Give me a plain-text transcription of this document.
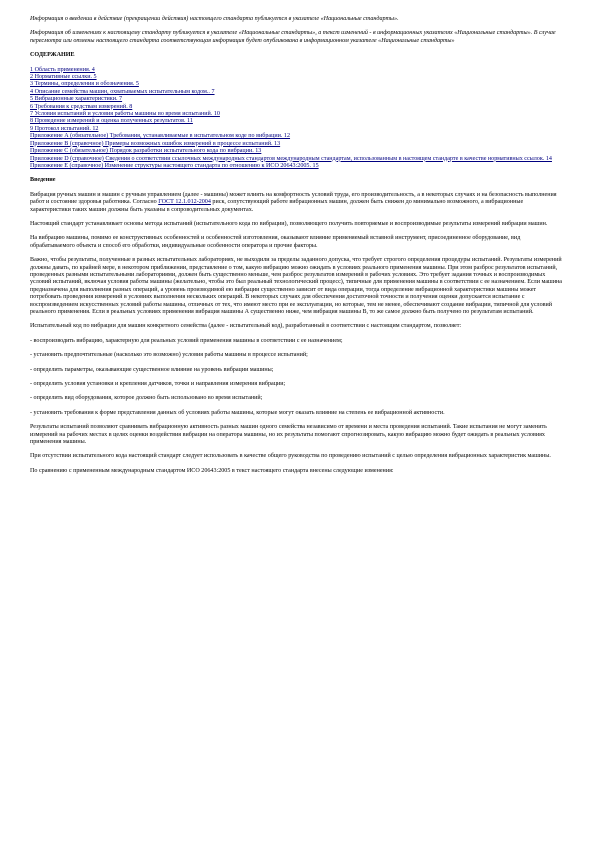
Информация о введении в действие (прекращении действия) настоящего стандарта публикуется в указателе «Национальные стандарты».

Информация об изменениях к настоящему стандарту публикуется в указателе «Национальные стандарты», а текст изменений - в информационных указателях «Национальные стандарты». В случае пересмотра или отмены настоящего стандарта соответствующая информация будет опубликована в информационном указателе «Национальные стандарты»

СОДЕРЖАНИЕ
1 Область применения. 4
2 Нормативные ссылки. 5
3 Термины, определения и обозначения. 5
4 Описание семейства машин, охватываемых испытательным кодом.. 7
5 Вибрационные характеристики. 7
6 Требования к средствам измерений. 8
7 Условия испытаний и условия работы машины во время испытаний. 10
8 Проведение измерений и оценка полученных результатов. 11
9 Протокол испытаний. 12
Приложение А (обязательное) Требования, устанавливаемые в испытательном коде по вибрации. 12
Приложение В (справочное) Примеры возможных ошибок измерений в процессе испытаний. 13
Приложение С (обязательное) Порядок разработки испытательного кода по вибрации. 13
Приложение D (справочное) Сведения о соответствии ссылочных международных стандартов международным стандартам, использованным в настоящем стандарте в качестве нормативных ссылок. 14
Приложение Е (справочное) Изменение структуры настоящего стандарта по отношению к ИСО 20643:2005. 15
Введение

Вибрация ручных машин и машин с ручным управлением (далее - машины) может влиять на комфортность условий труда, его производительность, а в некоторых случаях и на безопасность выполнения работ и состояние здоровья работника. Согласно ГОСТ 12.1.012-2004 риск, сопутствующий работе вибрационных машин, должен быть снижен до минимально возможного, а вибрационные характеристики таких машин должны быть указаны в сопроводительных документах.

Настоящий стандарт устанавливает основы метода испытаний (испытательного кода по вибрации), позволяющего получить повторяемые и воспроизводимые результаты измерений вибрации машин.

На вибрацию машины, помимо ее конструктивных особенностей и особенностей изготовления, оказывают влияние применяемый вставной инструмент, присоединенное оборудование, вид обрабатываемого объекта и способ его обработки, индивидуальные особенности оператора и прочие факторы.

Важно, чтобы результаты, полученные в разных испытательных лабораториях, не выходили за пределы заданного допуска, что требует строгого определения процедуры испытаний. Результаты измерений должны давать, по крайней мере, в некотором приближении, представление о том, какую вибрацию можно ожидать в условиях реального применения машины. При этом разброс результатов испытаний, проведенных разными испытательными лабораториями, должен быть существенно меньше, чем разброс результатов измерений в рабочих условиях. Это требует задания точных и воспроизводимых условий испытаний, включая условия работы машины (желательно, чтобы это был реальный технологический процесс), типичные для применения машины в соответствии с ее назначением. Если машина предназначена для выполнения разных операций, а уровень производимой ею вибрации существенно зависит от вида операции, тогда определение вибрационной характеристики машины может потребовать проведения измерений в условиях выполнения нескольких операций. В некоторых случаях для обеспечения достаточной точности и получения оценки допускается испытание с воспроизведением искусственных условий работы машины, отличных от тех, что имеют место при ее эксплуатации, но которые, тем не менее, обеспечивают создание вибрации, типичной для условий реального применения. Если в реальных условиях применения вибрация машины А существенно ниже, чем вибрация машины В, то же самое должно быть получено по результатам испытаний.

Испытательный код по вибрации для машин конкретного семейства (далее - испытательный код), разработанный в соответствии с настоящим стандартом, позволяет:

- воспроизводить вибрацию, характерную для реальных условий применения машины в соответствии с ее назначением;

- установить предпочтительные (насколько это возможно) условия работы машины в процессе испытаний;

- определить параметры, оказывающие существенное влияние на уровень вибрации машины;

- определить условия установки и крепления датчиков, точки и направления измерения вибрации;

- определить вид оборудования, которое должно быть использовано во время испытаний;

- установить требования к форме представления данных об условиях работы машины, которые могут оказать влияние на степень ее вибрационной активности.

Результаты испытаний позволяют сравнивать вибрационную активность разных машин одного семейства независимо от времени и места проведения испытаний. Такие испытания не могут заменить измерений на рабочих местах в целях оценки воздействия вибрации на оператора машины, но их результаты помогают спрогнозировать, какую вибрацию можно будет ожидать в реальных условиях применения машины.

При отсутствии испытательного кода настоящий стандарт следует использовать в качестве общего руководства по проведению испытаний с целью определения вибрационных характеристик машины.

По сравнению с примененным международным стандартом ИСО 20643:2005 в текст настоящего стандарта внесены следующие изменения:
